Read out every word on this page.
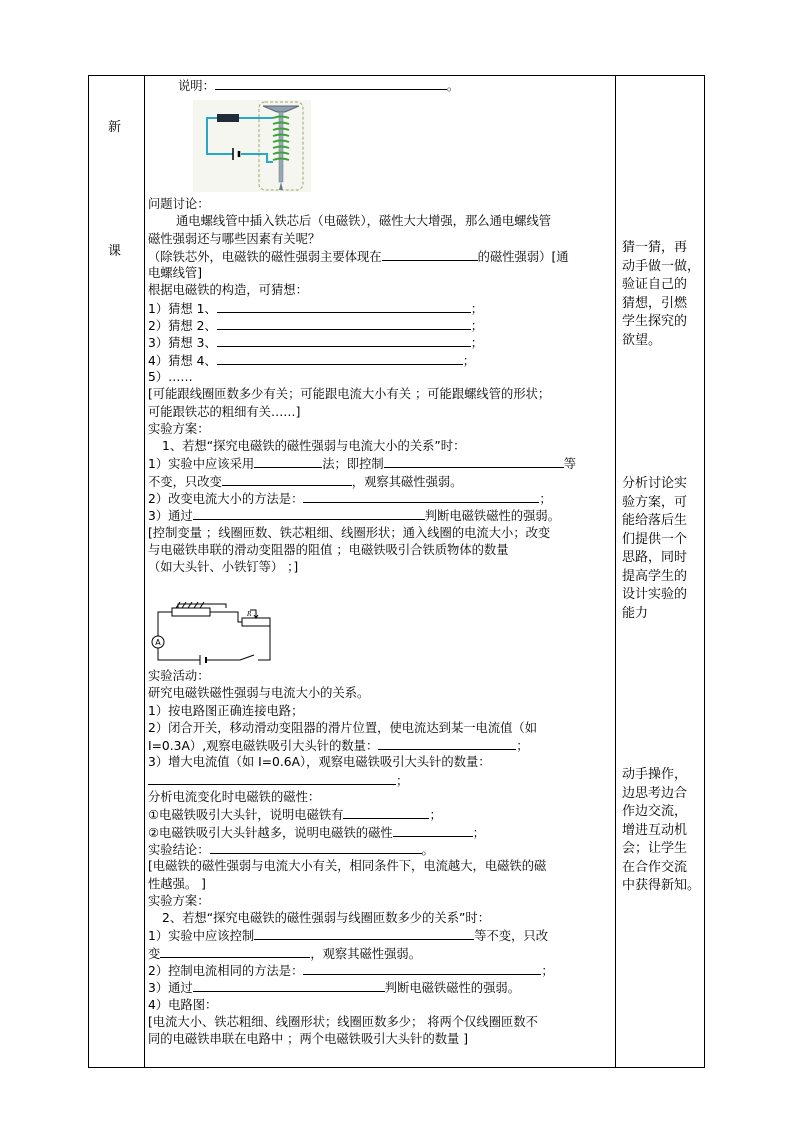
新
课
说明：	。
问题讨论：
通电螺线管中插入铁芯后（电磁铁），磁性大大增强，那么通电螺线管
磁性强弱还与哪些因素有关呢？
（除铁芯外，电磁铁的磁性强弱主要体现在	的磁性强弱）[通
电螺线管]
根据电磁铁的构造，可猜想：
1）猜想 1、	；
2）猜想 2、	；
3）猜想 3、	；
4）猜想 4、	；
5）……
[可能跟线圈匝数多少有关；可能跟电流大小有关 ；可能跟螺线管的形状；
可能跟铁芯的粗细有关……]
实验方案：
1、若想“探究电磁铁的磁性强弱与电流大小的关系”时：
1）实验中应该采用	法；即控制	等
不变，只改变	，观察其磁性强弱。
2）改变电流大小的方法是：	；
3）通过	判断电磁铁磁性的强弱。
[控制变量 ；线圈匝数、铁芯粗细、线圈形状；通入线圈的电流大小；改变
与电磁铁串联的滑动变阻器的阻值 ；电磁铁吸引合铁质物体的数量
（如大头针、小铁钉等） ；]
A
R
实验活动：
研究电磁铁磁性强弱与电流大小的关系。
1）按电路图正确连接电路；
2）闭合开关，移动滑动变阻器的滑片位置，使电流达到某一电流值（如
I=0.3A）,观察电磁铁吸引大头针的数量：	；
3）增大电流值（如 I=0.6A），观察电磁铁吸引大头针的数量：
；
分析电流变化时电磁铁的磁性：
①电磁铁吸引大头针，说明电磁铁有	；
②电磁铁吸引大头针越多，说明电磁铁的磁性	；
实验结论：	。
[电磁铁的磁性强弱与电流大小有关，相同条件下，电流越大，电磁铁的磁
性越强。 ]
实验方案：
2、若想“探究电磁铁的磁性强弱与线圈匝数多少的关系”时：
1）实验中应该控制	等不变，只改
变	，观察其磁性强弱。
2）控制电流相同的方法是：	；
3）通过	判断电磁铁磁性的强弱。
4）电路图：
[电流大小、铁芯粗细、线圈形状；线圈匝数多少； 将两个仅线圈匝数不
同的电磁铁串联在电路中 ；两个电磁铁吸引大头针的数量 ]
猜一猜，再
动手做一做，
验证自己的
猜想，引燃
学生探究的
欲望。
分析讨论实
验方案，可
能给落后生
们提供一个
思路，同时
提高学生的
设计实验的
能力
动手操作，
边思考边合
作边交流，
增进互动机
会；让学生
在合作交流
中获得新知。
